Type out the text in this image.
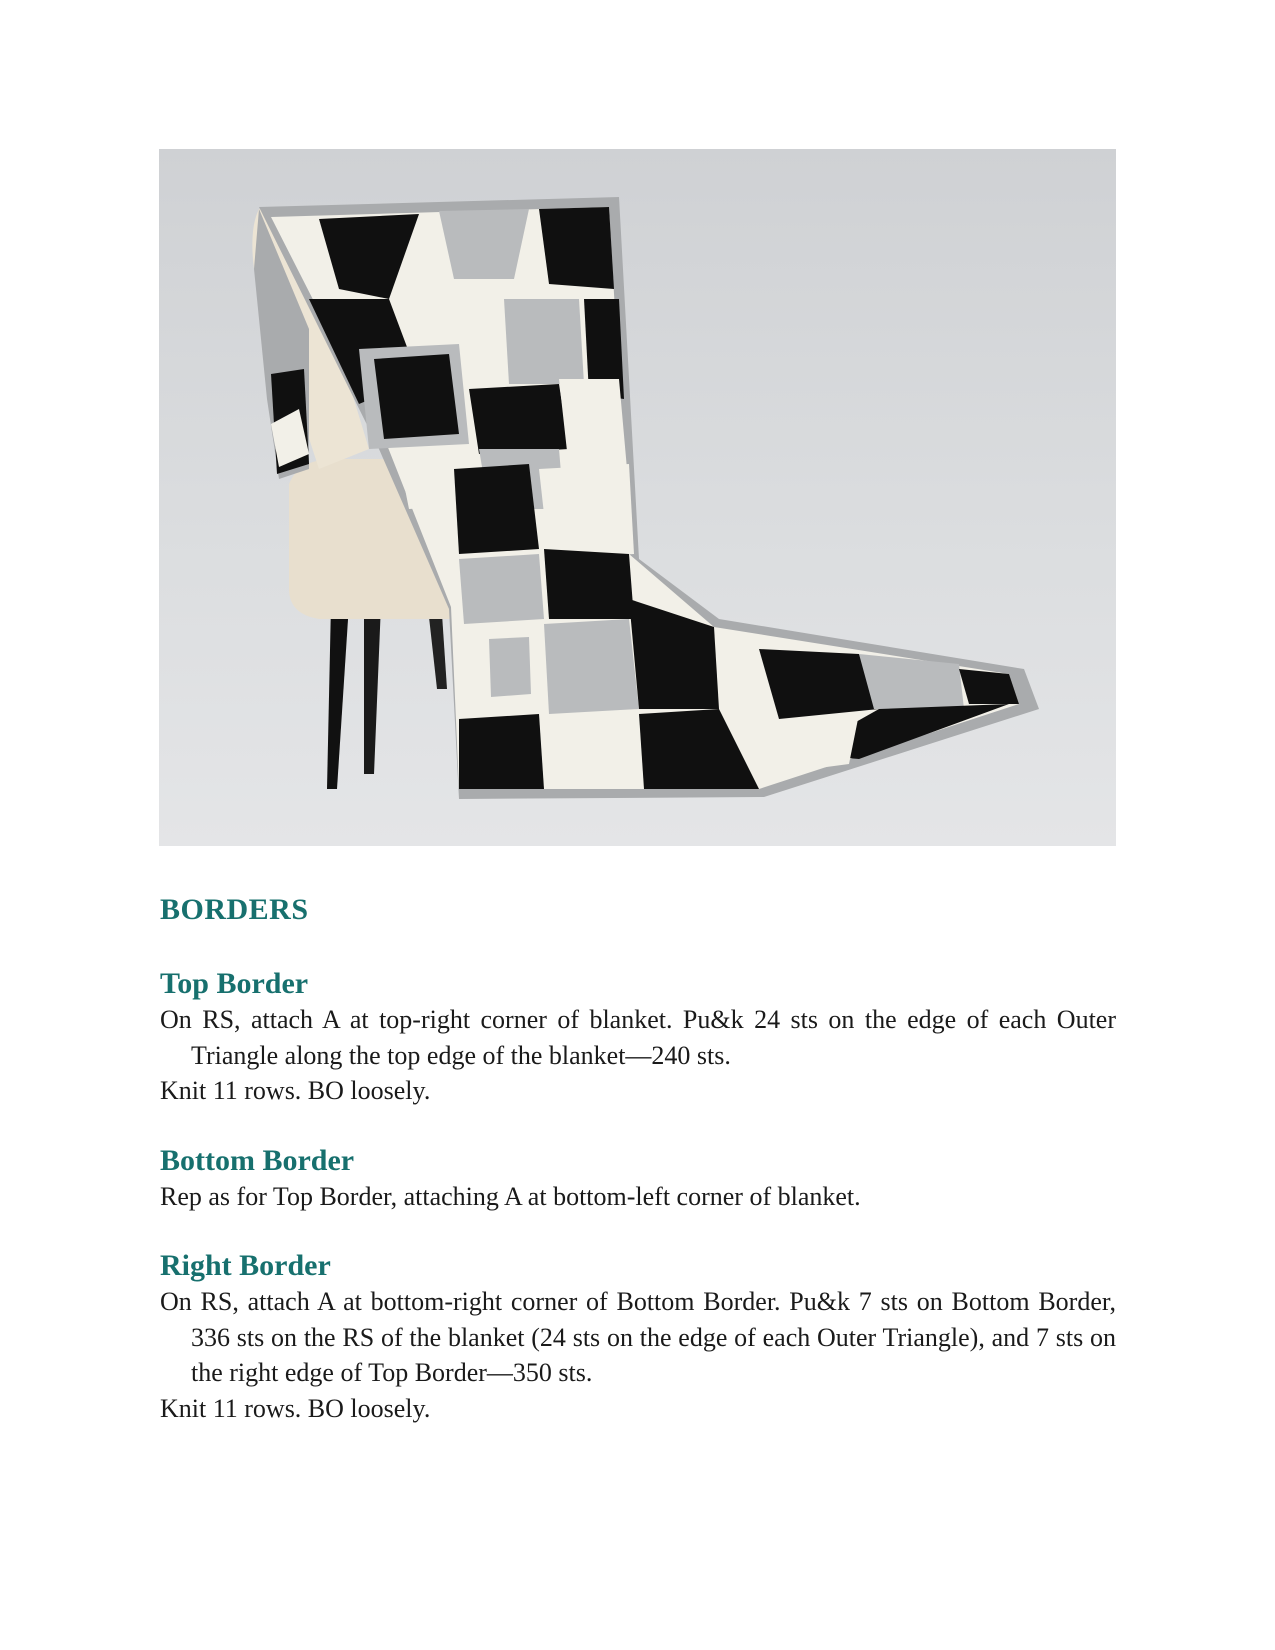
BORDERS
Top Border

On RS, attach A at top-right corner of blanket. Pu&k 24 sts on the edge of each Outer Triangle along the top edge of the blanket—240 sts.

Knit 11 rows. BO loosely.

Bottom Border

Rep as for Top Border, attaching A at bottom-left corner of blanket.

Right Border

On RS, attach A at bottom-right corner of Bottom Border. Pu&k 7 sts on Bottom Border, 336 sts on the RS of the blanket (24 sts on the edge of each Outer Triangle), and 7 sts on the right edge of Top Border—350 sts.

Knit 11 rows. BO loosely.
